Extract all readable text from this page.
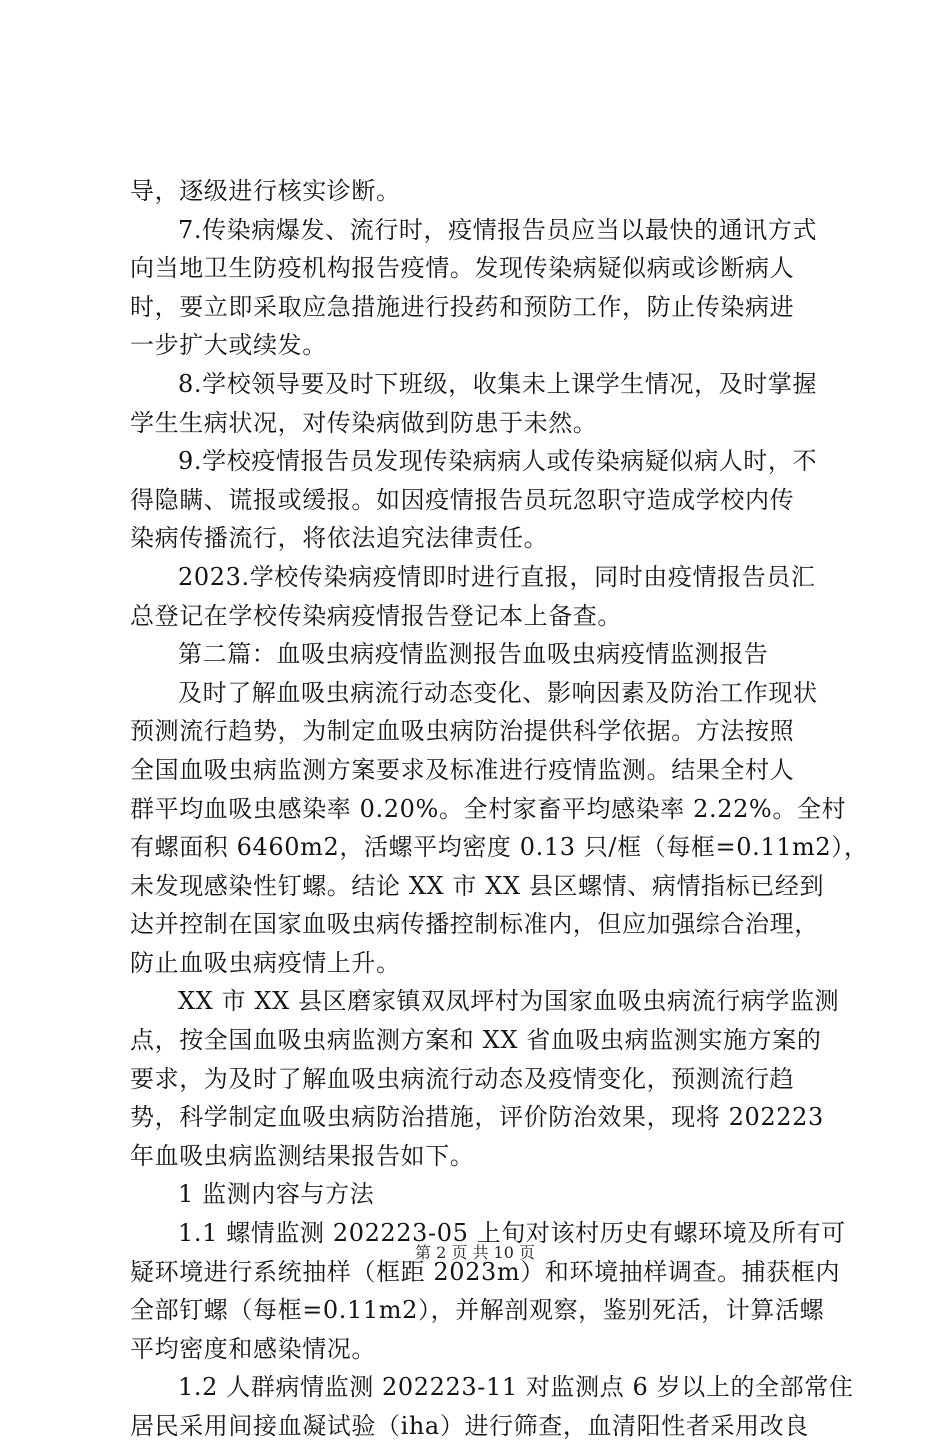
导，逐级进行核实诊断。
7.传染病爆发、流行时，疫情报告员应当以最快的通讯方式
向当地卫生防疫机构报告疫情。发现传染病疑似病或诊断病人
时，要立即采取应急措施进行投药和预防工作，防止传染病进
一步扩大或续发。
8.学校领导要及时下班级，收集未上课学生情况，及时掌握
学生生病状况，对传染病做到防患于未然。
9.学校疫情报告员发现传染病病人或传染病疑似病人时，不
得隐瞒、谎报或缓报。如因疫情报告员玩忽职守造成学校内传
染病传播流行，将依法追究法律责任。
2023.学校传染病疫情即时进行直报，同时由疫情报告员汇
总登记在学校传染病疫情报告登记本上备查。
第二篇：血吸虫病疫情监测报告血吸虫病疫情监测报告
及时了解血吸虫病流行动态变化、影响因素及防治工作现状
预测流行趋势，为制定血吸虫病防治提供科学依据。方法按照
全国血吸虫病监测方案要求及标准进行疫情监测。结果全村人
群平均血吸虫感染率 0.20%。全村家畜平均感染率 2.22%。全村
有螺面积 6460m2，活螺平均密度 0.13 只/框（每框=0.11m2），
未发现感染性钉螺。结论 XX 市 XX 县区螺情、病情指标已经到
达并控制在国家血吸虫病传播控制标准内，但应加强综合治理，
防止血吸虫病疫情上升。
XX 市 XX 县区磨家镇双凤坪村为国家血吸虫病流行病学监测
点，按全国血吸虫病监测方案和 XX 省血吸虫病监测实施方案的
要求，为及时了解血吸虫病流行动态及疫情变化，预测流行趋
势，科学制定血吸虫病防治措施，评价防治效果，现将 202223
年血吸虫病监测结果报告如下。
1 监测内容与方法
1.1 螺情监测 202223-05 上旬对该村历史有螺环境及所有可
疑环境进行系统抽样（框距 2023m）和环境抽样调查。捕获框内
全部钉螺（每框=0.11m2），并解剖观察，鉴别死活，计算活螺
平均密度和感染情况。
1.2 人群病情监测 202223-11 对监测点 6 岁以上的全部常住
居民采用间接血凝试验（iha）进行筛查，血清阳性者采用改良
第 2 页 共 10 页
